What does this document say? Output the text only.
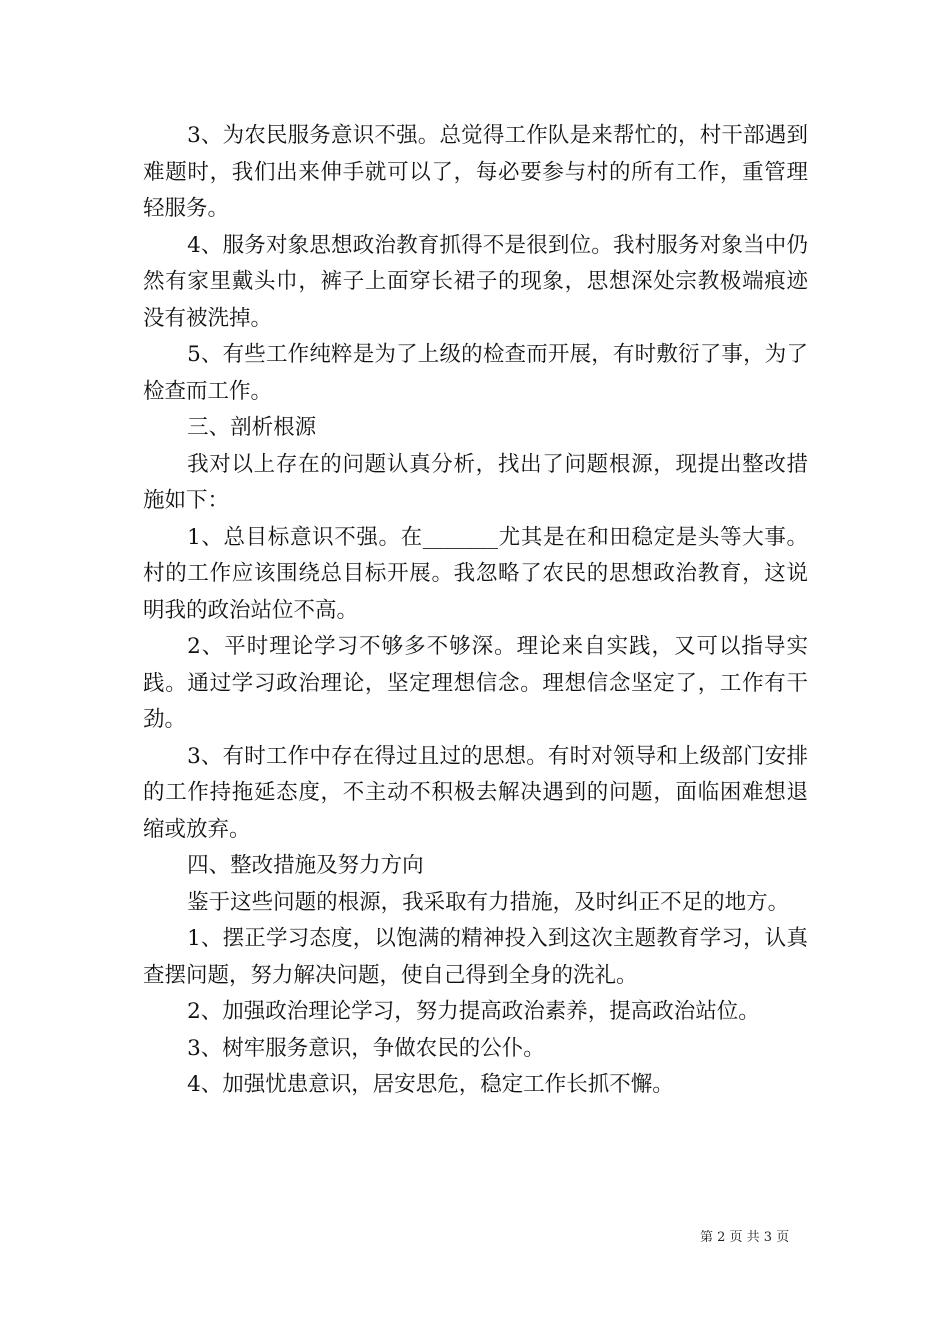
3、为农民服务意识不强。总觉得工作队是来帮忙的，村干部遇到难题时，我们出来伸手就可以了，每必要参与村的所有工作，重管理轻服务。

4、服务对象思想政治教育抓得不是很到位。我村服务对象当中仍然有家里戴头巾，裤子上面穿长裙子的现象，思想深处宗教极端痕迹没有被洗掉。

5、有些工作纯粹是为了上级的检查而开展，有时敷衍了事，为了检查而工作。

三、剖析根源

我对以上存在的问题认真分析，找出了问题根源，现提出整改措施如下：

1、总目标意识不强。在_______尤其是在和田稳定是头等大事。村的工作应该围绕总目标开展。我忽略了农民的思想政治教育，这说明我的政治站位不高。

2、平时理论学习不够多不够深。理论来自实践，又可以指导实践。通过学习政治理论，坚定理想信念。理想信念坚定了，工作有干劲。

3、有时工作中存在得过且过的思想。有时对领导和上级部门安排的工作持拖延态度，不主动不积极去解决遇到的问题，面临困难想退缩或放弃。

四、整改措施及努力方向

鉴于这些问题的根源，我采取有力措施，及时纠正不足的地方。

1、摆正学习态度，以饱满的精神投入到这次主题教育学习，认真查摆问题，努力解决问题，使自己得到全身的洗礼。

2、加强政治理论学习，努力提高政治素养，提高政治站位。

3、树牢服务意识，争做农民的公仆。

4、加强忧患意识，居安思危，稳定工作长抓不懈。

第 2 页 共 3 页
